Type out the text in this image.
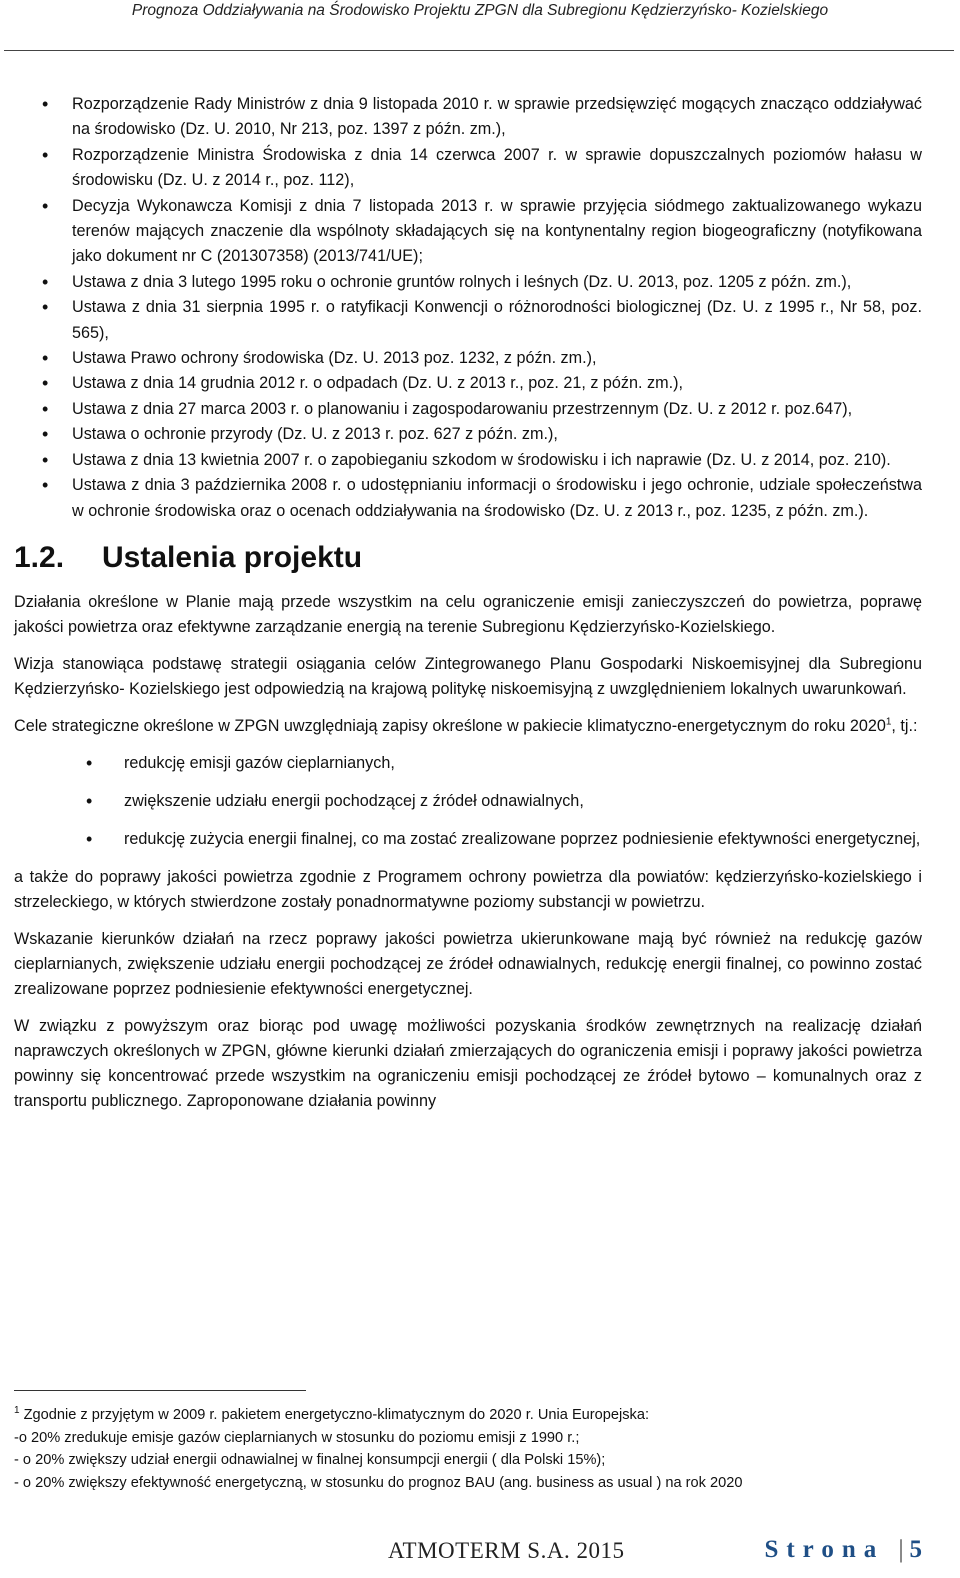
Prognoza Oddziaływania na Środowisko Projektu ZPGN dla Subregionu Kędzierzyńsko- Kozielskiego
• Rozporządzenie Rady Ministrów z dnia 9 listopada 2010 r. w sprawie przedsięwzięć mogących znacząco oddziaływać na środowisko (Dz. U. 2010, Nr 213, poz. 1397 z późn. zm.),
• Rozporządzenie Ministra Środowiska z dnia 14 czerwca 2007 r. w sprawie dopuszczalnych poziomów hałasu w środowisku (Dz. U. z 2014 r., poz. 112),
• Decyzja Wykonawcza Komisji z dnia 7 listopada 2013 r. w sprawie przyjęcia siódmego zaktualizowanego wykazu terenów mających znaczenie dla wspólnoty składających się na kontynentalny region biogeograficzny (notyfikowana jako dokument nr C (201307358) (2013/741/UE);
• Ustawa z dnia 3 lutego 1995 roku o ochronie gruntów rolnych i leśnych (Dz. U. 2013, poz. 1205 z późn. zm.),
• Ustawa z dnia 31 sierpnia 1995 r. o ratyfikacji Konwencji o różnorodności biologicznej (Dz. U. z 1995 r., Nr 58, poz. 565),
• Ustawa Prawo ochrony środowiska (Dz. U. 2013 poz. 1232, z późn. zm.),
• Ustawa z dnia 14 grudnia 2012 r. o odpadach (Dz. U. z 2013 r., poz. 21, z późn. zm.),
• Ustawa z dnia 27 marca 2003 r. o planowaniu i zagospodarowaniu przestrzennym (Dz. U. z 2012 r. poz.647),
• Ustawa o ochronie przyrody (Dz. U. z 2013 r. poz. 627 z późn. zm.),
• Ustawa z dnia 13 kwietnia 2007 r. o zapobieganiu szkodom w środowisku i ich naprawie (Dz. U. z 2014, poz. 210).
• Ustawa z dnia 3 października 2008 r. o udostępnianiu informacji o środowisku i jego ochronie, udziale społeczeństwa w ochronie środowiska oraz o ocenach oddziaływania na środowisko (Dz. U. z 2013 r., poz. 1235, z późn. zm.).
1.2. Ustalenia projektu

Działania określone w Planie mają przede wszystkim na celu ograniczenie emisji zanieczyszczeń do powietrza, poprawę jakości powietrza oraz efektywne zarządzanie energią na terenie Subregionu Kędzierzyńsko-Kozielskiego.

Wizja stanowiąca podstawę strategii osiągania celów Zintegrowanego Planu Gospodarki Niskoemisyjnej dla Subregionu Kędzierzyńsko- Kozielskiego jest odpowiedzią na krajową politykę niskoemisyjną z uwzględnieniem lokalnych uwarunkowań.

Cele strategiczne określone w ZPGN uwzględniają zapisy określone w pakiecie klimatyczno-energetycznym do roku 2020$^1$, tj.:

• redukcję emisji gazów cieplarnianych,
• zwiększenie udziału energii pochodzącej z źródeł odnawialnych,
• redukcję zużycia energii finalnej, co ma zostać zrealizowane poprzez podniesienie efektywności energetycznej,

a także do poprawy jakości powietrza zgodnie z Programem ochrony powietrza dla powiatów: kędzierzyńsko-kozielskiego i strzeleckiego, w których stwierdzone zostały ponadnormatywne poziomy substancji w powietrzu.

Wskazanie kierunków działań na rzecz poprawy jakości powietrza ukierunkowane mają być również na redukcję gazów cieplarnianych, zwiększenie udziału energii pochodzącej ze źródeł odnawialnych, redukcję energii finalnej, co powinno zostać zrealizowane poprzez podniesienie efektywności energetycznej.

W związku z powyższym oraz biorąc pod uwagę możliwości pozyskania środków zewnętrznych na realizację działań naprawczych określonych w ZPGN, główne kierunki działań zmierzających do ograniczenia emisji i poprawy jakości powietrza powinny się koncentrować przede wszystkim na ograniczeniu emisji pochodzącej ze źródeł bytowo – komunalnych oraz z transportu publicznego. Zaproponowane działania powinny

$^1$ Zgodnie z przyjętym w 2009 r. pakietem energetyczno-klimatycznym do 2020 r. Unia Europejska:
-o 20% zredukuje emisje gazów cieplarnianych w stosunku do poziomu emisji z 1990 r.;
- o 20% zwiększy udział energii odnawialnej w finalnej konsumpcji energii ( dla Polski 15%);
- o 20% zwiększy efektywność energetyczną, w stosunku do prognoz BAU (ang. business as usual ) na rok 2020
ATMOTERM S.A. 2015	Strona | 5
